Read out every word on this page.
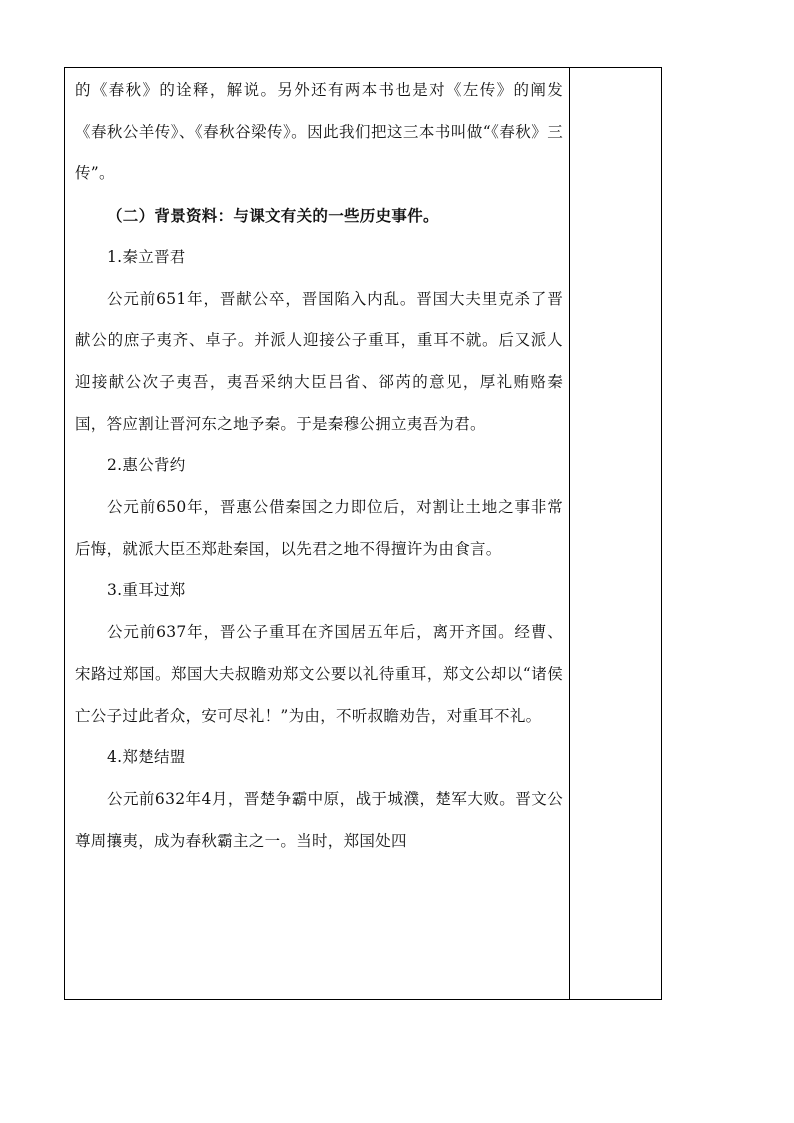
的《春秋》的诠释，解说。另外还有两本书也是对《左传》的阐发《春秋公羊传》、《春秋谷梁传》。因此我们把这三本书叫做“《春秋》三传”。

（二）背景资料：与课文有关的一些历史事件。

1.秦立晋君

公元前651年，晋献公卒，晋国陷入内乱。晋国大夫里克杀了晋献公的庶子夷齐、卓子。并派人迎接公子重耳，重耳不就。后又派人迎接献公次子夷吾，夷吾采纳大臣吕省、郤芮的意见，厚礼贿赂秦国，答应割让晋河东之地予秦。于是秦穆公拥立夷吾为君。

2.惠公背约

公元前650年，晋惠公借秦国之力即位后，对割让土地之事非常后悔，就派大臣丕郑赴秦国，以先君之地不得擅许为由食言。

3.重耳过郑

公元前637年，晋公子重耳在齐国居五年后，离开齐国。经曹、宋路过郑国。郑国大夫叔瞻劝郑文公要以礼待重耳，郑文公却以“诸侯亡公子过此者众，安可尽礼！”为由，不听叔瞻劝告，对重耳不礼。

4.郑楚结盟

公元前632年4月，晋楚争霸中原，战于城濮，楚军大败。晋文公尊周攘夷，成为春秋霸主之一。当时，郑国处四
